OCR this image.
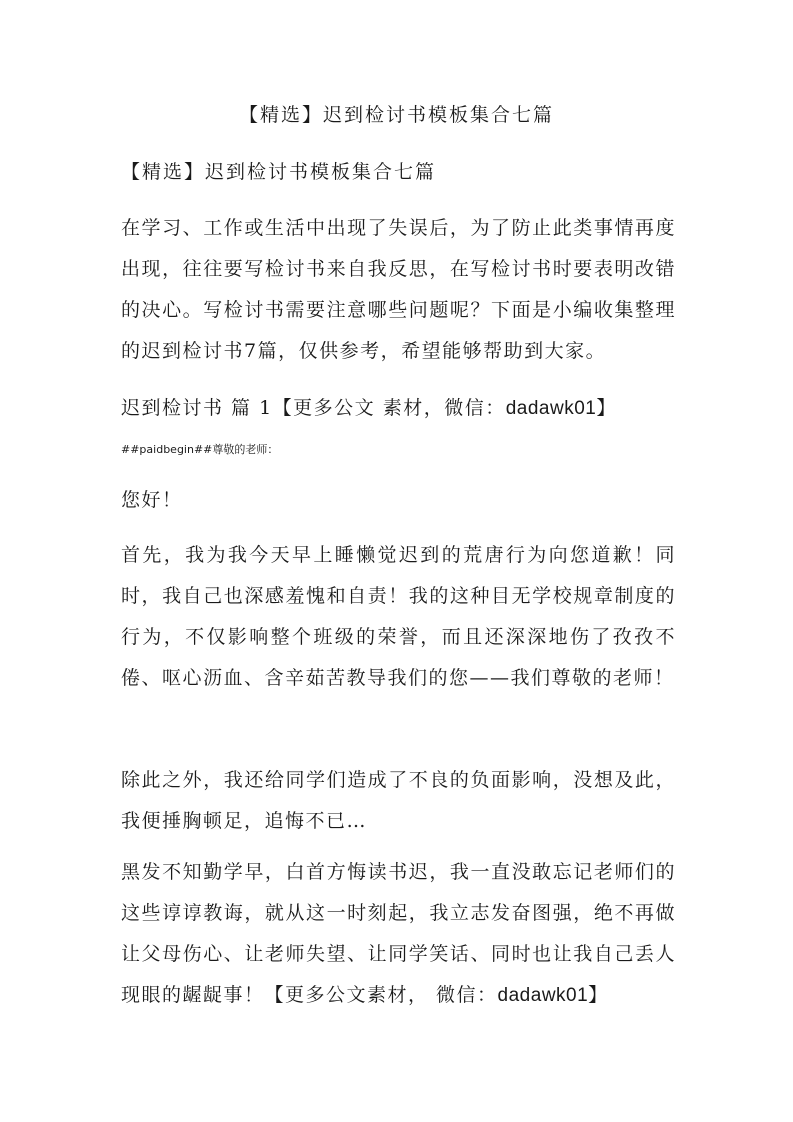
【精选】迟到检讨书模板集合七篇
【精选】迟到检讨书模板集合七篇

在学习、工作或生活中出现了失误后，为了防止此类事情再度出现，往往要写检讨书来自我反思，在写检讨书时要表明改错的决心。写检讨书需要注意哪些问题呢？下面是小编收集整理的迟到检讨书7篇，仅供参考，希望能够帮助到大家。

迟到检讨书 篇 1【更多公文 素材，微信：dadawk01】
##paidbegin##尊敬的老师：
您好！

首先，我为我今天早上睡懒觉迟到的荒唐行为向您道歉！同时，我自己也深感羞愧和自责！我的这种目无学校规章制度的行为，不仅影响整个班级的荣誉，而且还深深地伤了孜孜不倦、呕心沥血、含辛茹苦教导我们的您——我们尊敬的老师！

除此之外，我还给同学们造成了不良的负面影响，没想及此，我便捶胸顿足，追悔不已…

黑发不知勤学早，白首方悔读书迟，我一直没敢忘记老师们的这些谆谆教诲，就从这一时刻起，我立志发奋图强，绝不再做让父母伤心、让老师失望、让同学笑话、同时也让我自己丢人现眼的龌龊事！【更多公文素材， 微信：dadawk01】
